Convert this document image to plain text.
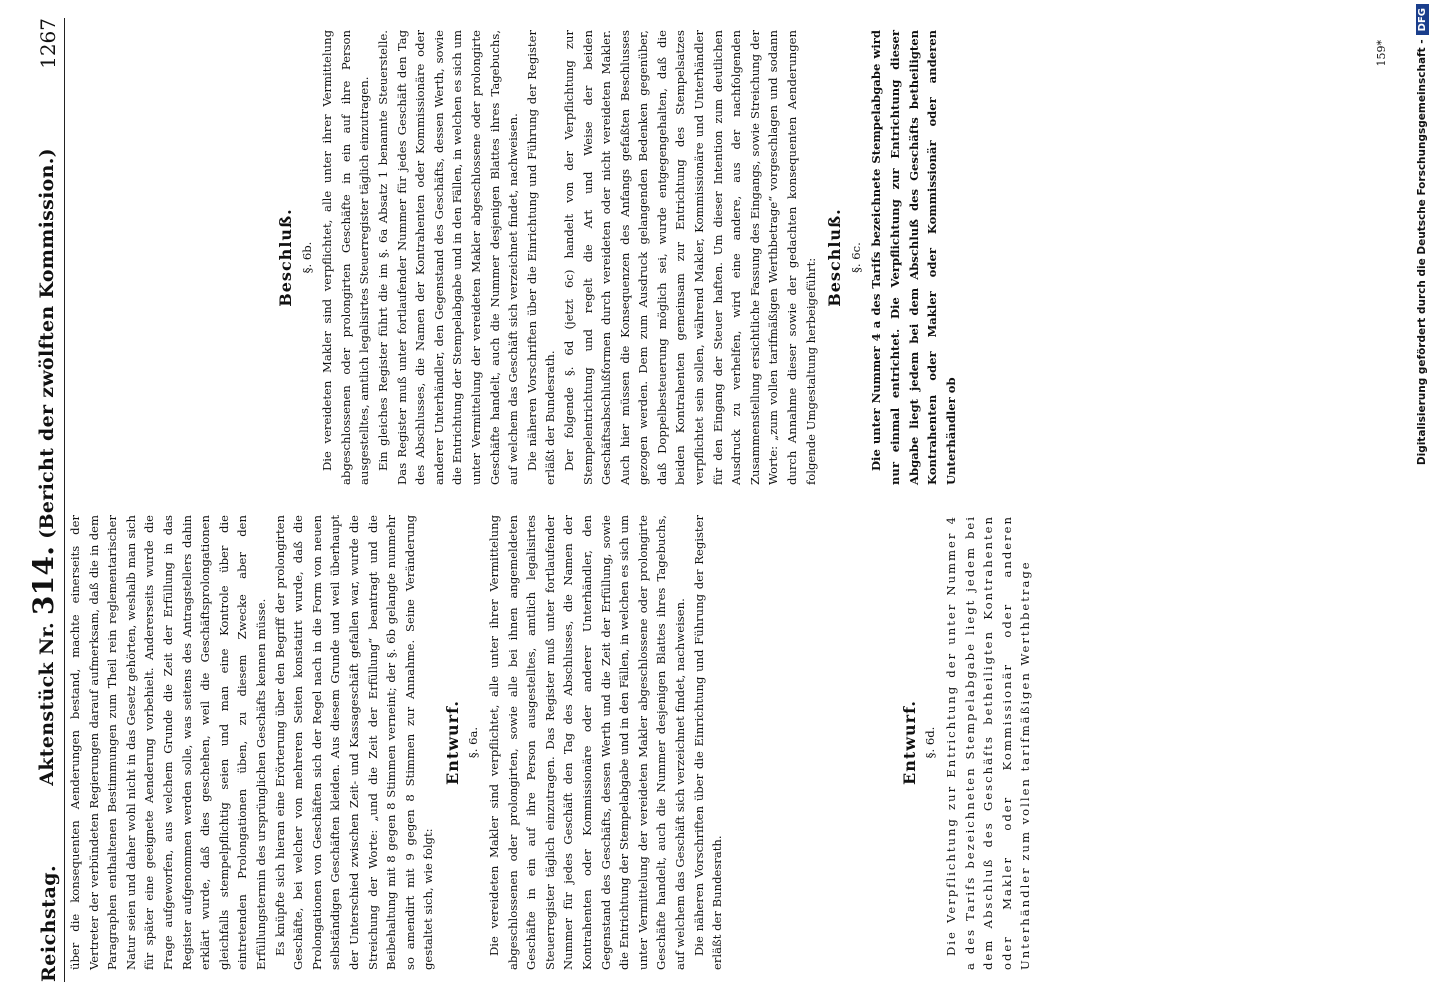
Reichstag.
Aktenstück Nr. 314. (Bericht der zwölften Kommission.)
1267

über die konsequenten Aenderungen bestand, machte einerseits der Vertreter der verbündeten Regierungen darauf aufmerksam, daß die in dem Paragraphen enthaltenen Bestimmungen zum Theil rein reglementarischer Natur seien und daher wohl nicht in das Gesetz gehörten, weshalb man sich für später eine geeignete Aenderung vorbehielt. Andererseits wurde die Frage aufgeworfen, aus welchem Grunde die Zeit der Erfüllung in das Register aufgenommen werden solle, was seitens des Antragstellers dahin erklärt wurde, daß dies geschehen, weil die Geschäftsprolongationen gleichfalls stempelpflichtig seien und man eine Kontrole über die eintretenden Prolongationen üben, zu diesem Zwecke aber den Erfüllungstermin des ursprünglichen Geschäfts kennen müsse. Es knüpfte sich hieran eine Erörterung über den Begriff der prolongirten Geschäfte, bei welcher von mehreren Seiten konstatirt wurde, daß die Prolongationen von Geschäften sich der Regel nach in die Form von neuen selbständigen Geschäften kleiden. Aus diesem Grunde und weil überhaupt der Unterschied zwischen Zeit- und Kassageschäft gefallen war, wurde die Streichung der Worte: „und die Zeit der Erfüllung“ beantragt und die Beibehaltung mit 8 gegen 8 Stimmen verneint; der §. 6b gelangte nunmehr so amendirt mit 9 gegen 8 Stimmen zur Annahme. Seine Veränderung gestaltet sich, wie folgt:

Entwurf. §. 6a. Die vereideten Makler sind verpflichtet, alle unter ihrer Vermittelung abgeschlossenen oder prolongirten, sowie alle bei ihnen angemeldeten Geschäfte in ein auf ihre Person ausgestelltes, amtlich legalisirtes Steuerregister täglich einzutragen. Das Register muß unter fortlaufender Nummer für jedes Geschäft den Tag des Abschlusses, die Namen der Kontrahenten oder Kommissionäre oder anderer Unterhändler, den Gegenstand des Geschäfts, dessen Werth und die Zeit der Erfüllung, sowie die Entrichtung der Stempelabgabe und in den Fällen, in welchen es sich um unter Vermittelung der vereideten Makler abgeschlossene oder prolongirte Geschäfte handelt, auch die Nummer desjenigen Blattes ihres Tagebuchs, auf welchem das Geschäft sich verzeichnet findet, nachweisen. Die näheren Vorschriften über die Einrichtung und Führung der Register erläßt der Bundesrath.

Entwurf. §. 6d. Die Verpflichtung zur Entrichtung der unter Nummer 4 a des Tarifs bezeichneten Stempelabgabe liegt jedem bei dem Abschluß des Geschäfts betheiligten Kontrahenten oder Makler oder Kommissionär oder anderen Unterhändler zum vollen tarifmäßigen Werthbetrage

Beschluß. §. 6b. Die vereideten Makler sind verpflichtet, alle unter ihrer Vermittelung abgeschlossenen oder prolongirten Geschäfte in ein auf ihre Person ausgestelltes, amtlich legalisirtes Steuerregister täglich einzutragen. Ein gleiches Register führt die im §. 6a Absatz 1 benannte Steuerstelle. Das Register muß unter fortlaufender Nummer für jedes Geschäft den Tag des Abschlusses, die Namen der Kontrahenten oder Kommissionäre oder anderer Unterhändler, den Gegenstand des Geschäfts, dessen Werth, sowie die Entrichtung der Stempelabgabe und in den Fällen, in welchen es sich um unter Vermittelung der vereideten Makler abgeschlossene oder prolongirte Geschäfte handelt, auch die Nummer desjenigen Blattes ihres Tagebuchs, auf welchem das Geschäft sich verzeichnet findet, nachweisen. Die näheren Vorschriften über die Einrichtung und Führung der Register erläßt der Bundesrath. Der folgende §. 6d (jetzt 6c) handelt von der Verpflichtung zur Stempelentrichtung und regelt die Art und Weise der beiden Geschäftsabschlußformen durch vereideten oder nicht vereideten Makler. Auch hier müssen die Konsequenzen des Anfangs gefaßten Beschlusses gezogen werden. Dem zum Ausdruck gelangenden Bedenken gegenüber, daß Doppelbesteuerung möglich sei, wurde entgegengehalten, daß die beiden Kontrahenten gemeinsam zur Entrichtung des Stempelsatzes verpflichtet sein sollen, während Makler, Kommissionäre und Unterhändler für den Eingang der Steuer haften. Um dieser Intention zum deutlichen Ausdruck zu verhelfen, wird eine andere, aus der nachfolgenden Zusammenstellung ersichtliche Fassung des Eingangs, sowie Streichung der Worte: „zum vollen tarifmäßigen Werthbetrage“ vorgeschlagen und sodann durch Annahme dieser sowie der gedachten konsequenten Aenderungen folgende Umgestaltung herbeigeführt:

Beschluß. §. 6c. Die unter Nummer 4 a des Tarifs bezeichnete Stempelabgabe wird nur einmal entrichtet. Die Verpflichtung zur Entrichtung dieser Abgabe liegt jedem bei dem Abschluß des Geschäfts betheiligten Kontrahenten oder Makler oder Kommissionär oder anderen Unterhändler ob

159*	Digitalisierung gefördert durch die Deutsche Forschungsgemeinschaft -
DFG
